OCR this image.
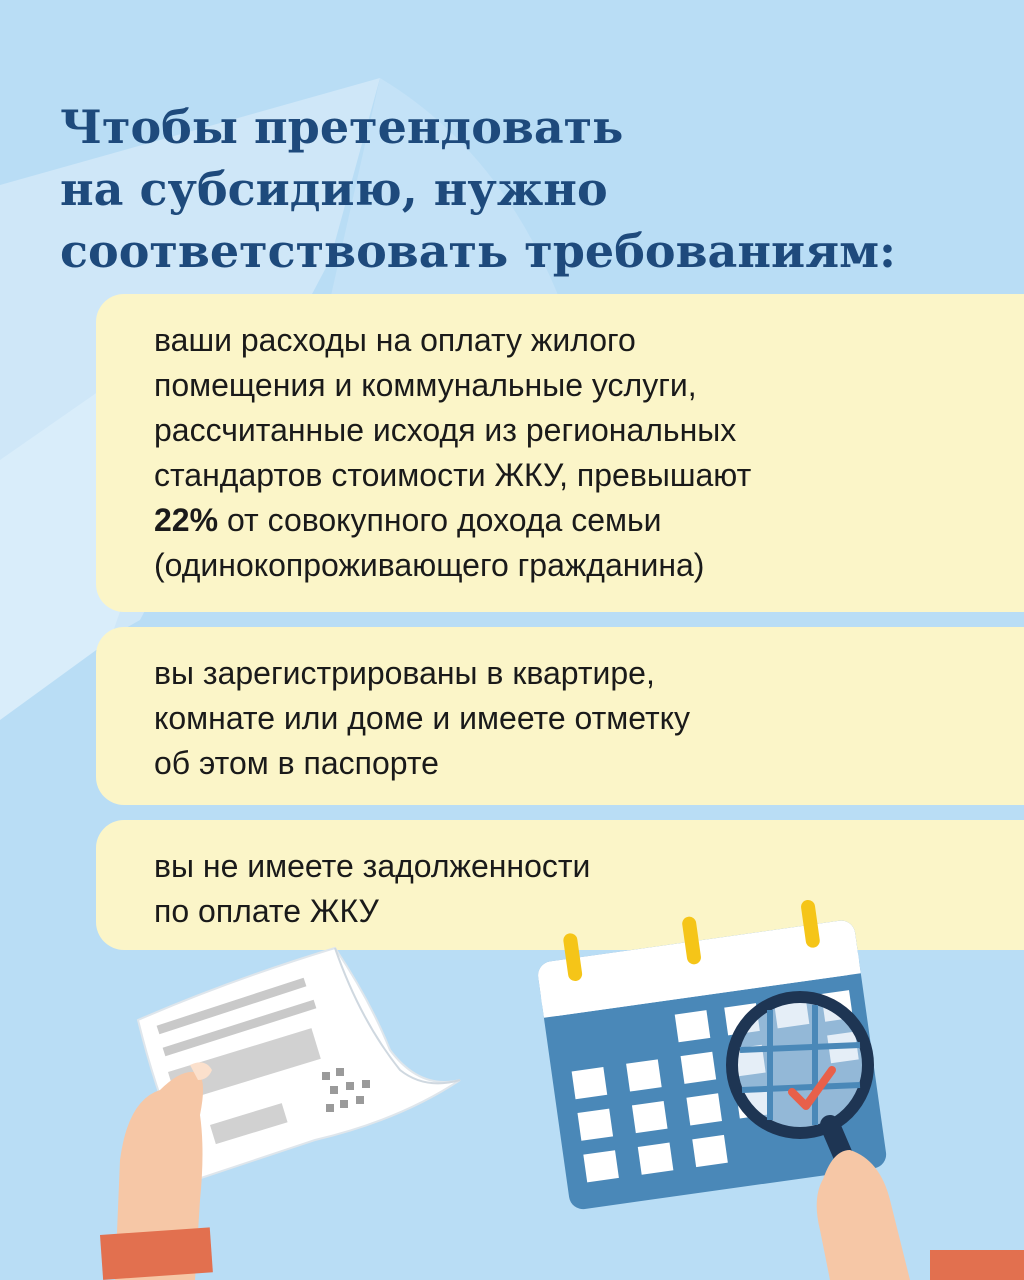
Чтобы претендовать
на субсидию, нужно
соответствовать требованиям:

ваши расходы на оплату жилого
помещения и коммунальные услуги,
рассчитанные исходя из региональных
стандартов стоимости ЖКУ, превышают
22% от совокупного дохода семьи
(одинокопроживающего гражданина)

вы зарегистрированы в квартире,
комнате или доме и имеете отметку
об этом в паспорте

вы не имеете задолженности
по оплате ЖКУ
